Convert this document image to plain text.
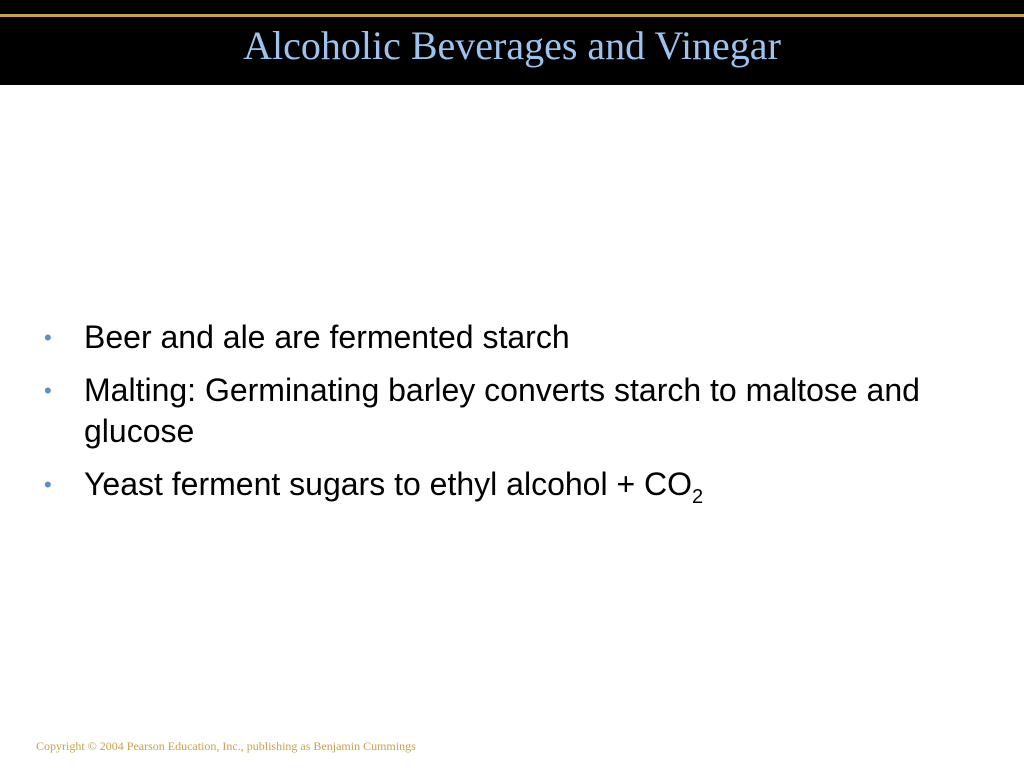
Alcoholic Beverages and Vinegar
• Beer and ale are fermented starch
• Malting: Germinating barley converts starch to maltose and glucose
• Yeast ferment sugars to ethyl alcohol + $CO_2$
Copyright © 2004 Pearson Education, Inc., publishing as Benjamin Cummings
